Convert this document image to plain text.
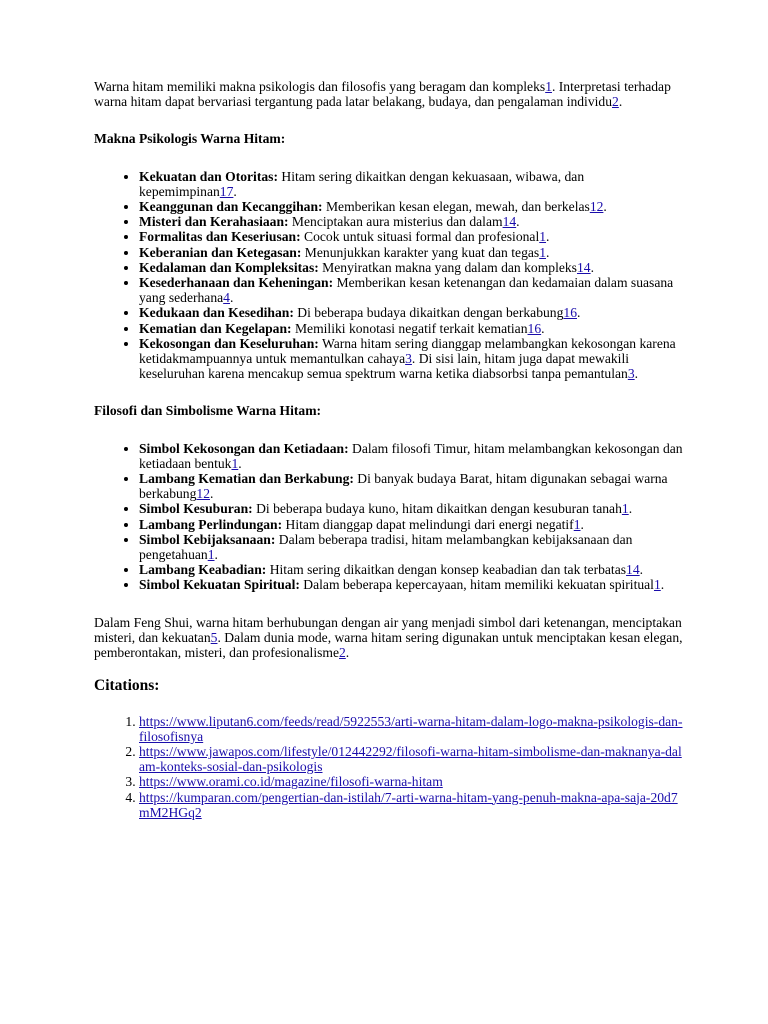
Warna hitam memiliki makna psikologis dan filosofis yang beragam dan kompleks1. Interpretasi terhadap warna hitam dapat bervariasi tergantung pada latar belakang, budaya, dan pengalaman individu2.

Makna Psikologis Warna Hitam:

• Kekuatan dan Otoritas: Hitam sering dikaitkan dengan kekuasaan, wibawa, dan kepemimpinan17.
• Keanggunan dan Kecanggihan: Memberikan kesan elegan, mewah, dan berkelas12.
• Misteri dan Kerahasiaan: Menciptakan aura misterius dan dalam14.
• Formalitas dan Keseriusan: Cocok untuk situasi formal dan profesional1.
• Keberanian dan Ketegasan: Menunjukkan karakter yang kuat dan tegas1.
• Kedalaman dan Kompleksitas: Menyiratkan makna yang dalam dan kompleks14.
• Kesederhanaan dan Keheningan: Memberikan kesan ketenangan dan kedamaian dalam suasana yang sederhana4.
• Kedukaan dan Kesedihan: Di beberapa budaya dikaitkan dengan berkabung16.
• Kematian dan Kegelapan: Memiliki konotasi negatif terkait kematian16.
• Kekosongan dan Keseluruhan: Warna hitam sering dianggap melambangkan kekosongan karena ketidakmampuannya untuk memantulkan cahaya3. Di sisi lain, hitam juga dapat mewakili keseluruhan karena mencakup semua spektrum warna ketika diabsorbsi tanpa pemantulan3.

Filosofi dan Simbolisme Warna Hitam:

• Simbol Kekosongan dan Ketiadaan: Dalam filosofi Timur, hitam melambangkan kekosongan dan ketiadaan bentuk1.
• Lambang Kematian dan Berkabung: Di banyak budaya Barat, hitam digunakan sebagai warna berkabung12.
• Simbol Kesuburan: Di beberapa budaya kuno, hitam dikaitkan dengan kesuburan tanah1.
• Lambang Perlindungan: Hitam dianggap dapat melindungi dari energi negatif1.
• Simbol Kebijaksanaan: Dalam beberapa tradisi, hitam melambangkan kebijaksanaan dan pengetahuan1.
• Lambang Keabadian: Hitam sering dikaitkan dengan konsep keabadian dan tak terbatas14.
• Simbol Kekuatan Spiritual: Dalam beberapa kepercayaan, hitam memiliki kekuatan spiritual1.

Dalam Feng Shui, warna hitam berhubungan dengan air yang menjadi simbol dari ketenangan, menciptakan misteri, dan kekuatan5. Dalam dunia mode, warna hitam sering digunakan untuk menciptakan kesan elegan, pemberontakan, misteri, dan profesionalisme2.

Citations:

1. https://www.liputan6.com/feeds/read/5922553/arti-warna-hitam-dalam-logo-makna-psikologis-dan-filosofisnya
2. https://www.jawapos.com/lifestyle/012442292/filosofi-warna-hitam-simbolisme-dan-maknanya-dalam-konteks-sosial-dan-psikologis
3. https://www.orami.co.id/magazine/filosofi-warna-hitam
4. https://kumparan.com/pengertian-dan-istilah/7-arti-warna-hitam-yang-penuh-makna-apa-saja-20d7mM2HGq2
